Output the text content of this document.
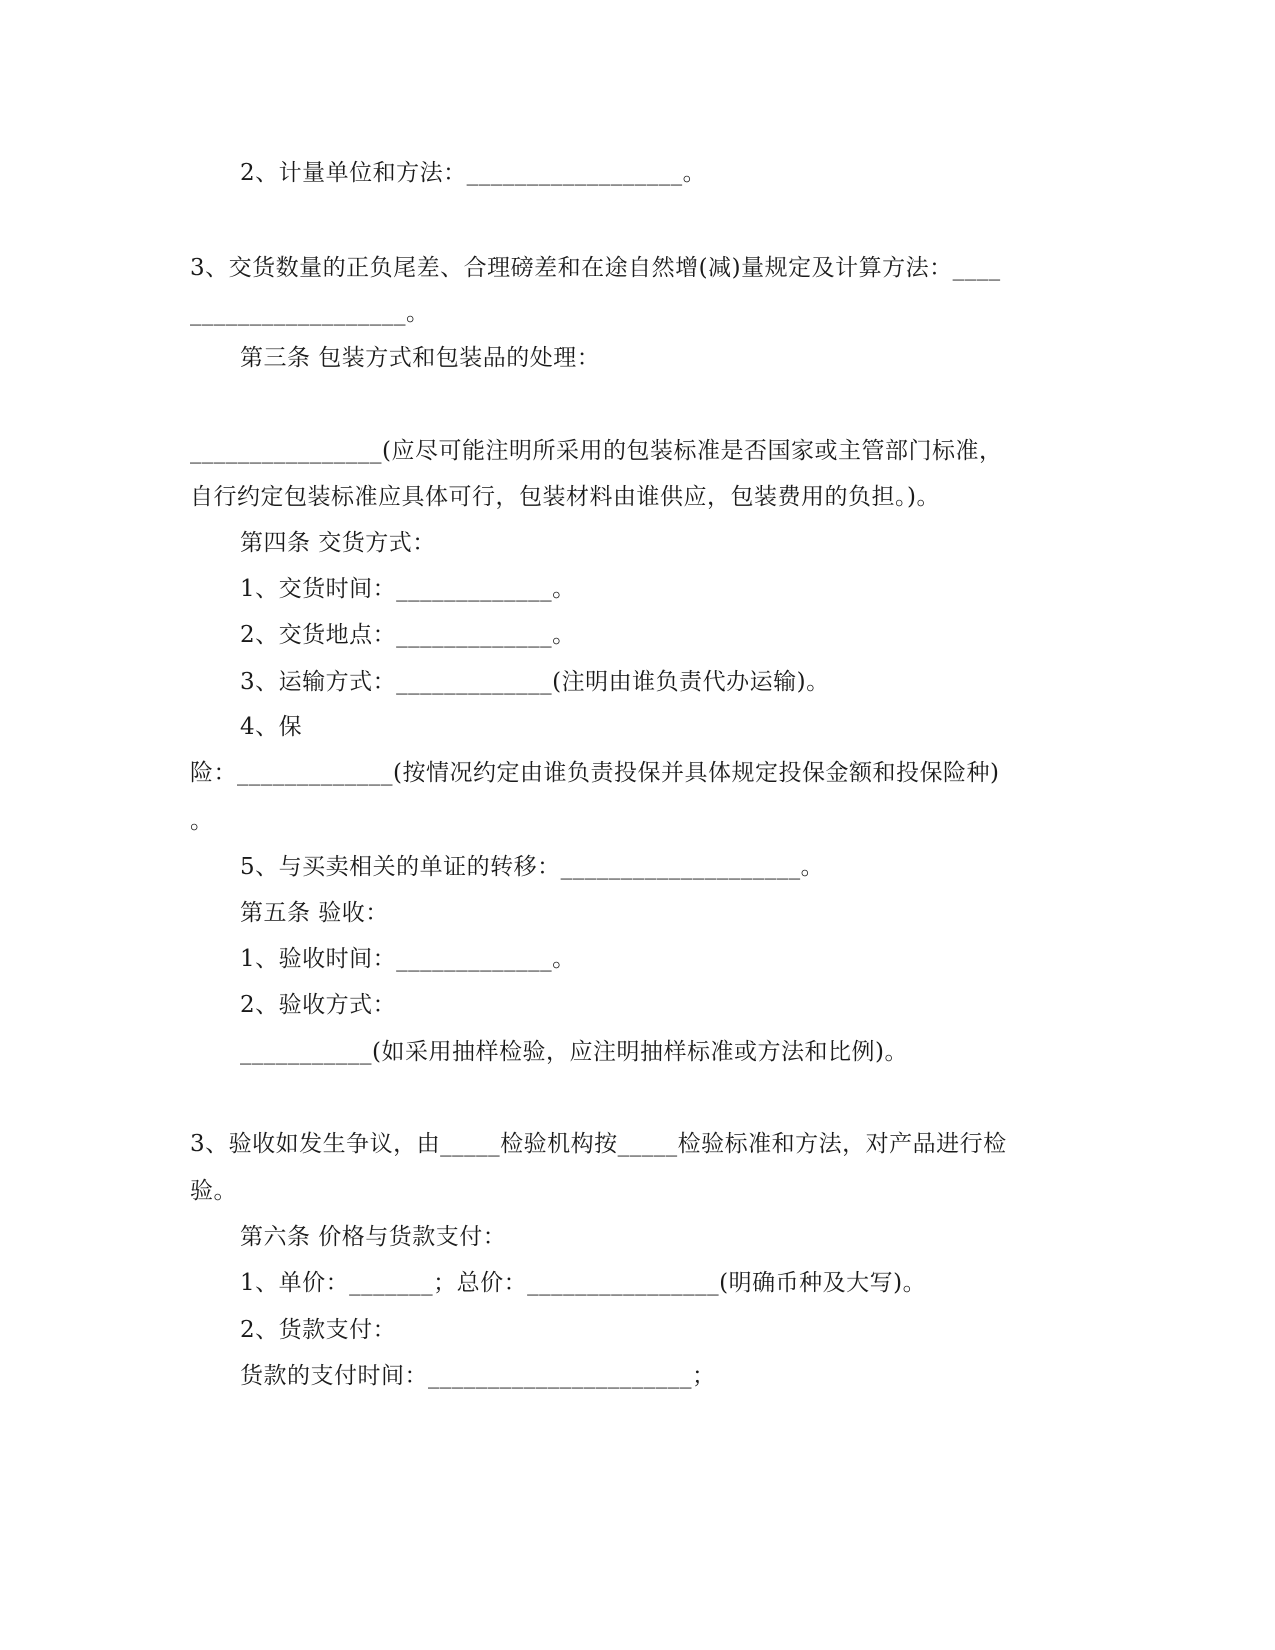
2、计量单位和方法：__________________。
3、交货数量的正负尾差、合理磅差和在途自然增(减)量规定及计算方法：____
__________________。
第三条 包装方式和包装品的处理：
________________(应尽可能注明所采用的包装标准是否国家或主管部门标准，
自行约定包装标准应具体可行，包装材料由谁供应，包装费用的负担。)。
第四条 交货方式：
1、交货时间：_____________。
2、交货地点：_____________。
3、运输方式：_____________(注明由谁负责代办运输)。
4、保
险：_____________(按情况约定由谁负责投保并具体规定投保金额和投保险种)
。
5、与买卖相关的单证的转移：____________________。
第五条 验收：
1、验收时间：_____________。
2、验收方式：
___________(如采用抽样检验，应注明抽样标准或方法和比例)。
3、验收如发生争议，由_____检验机构按_____检验标准和方法，对产品进行检
验。
第六条 价格与货款支付：
1、单价：_______；总价：________________(明确币种及大写)。
2、货款支付：
货款的支付时间：______________________；
